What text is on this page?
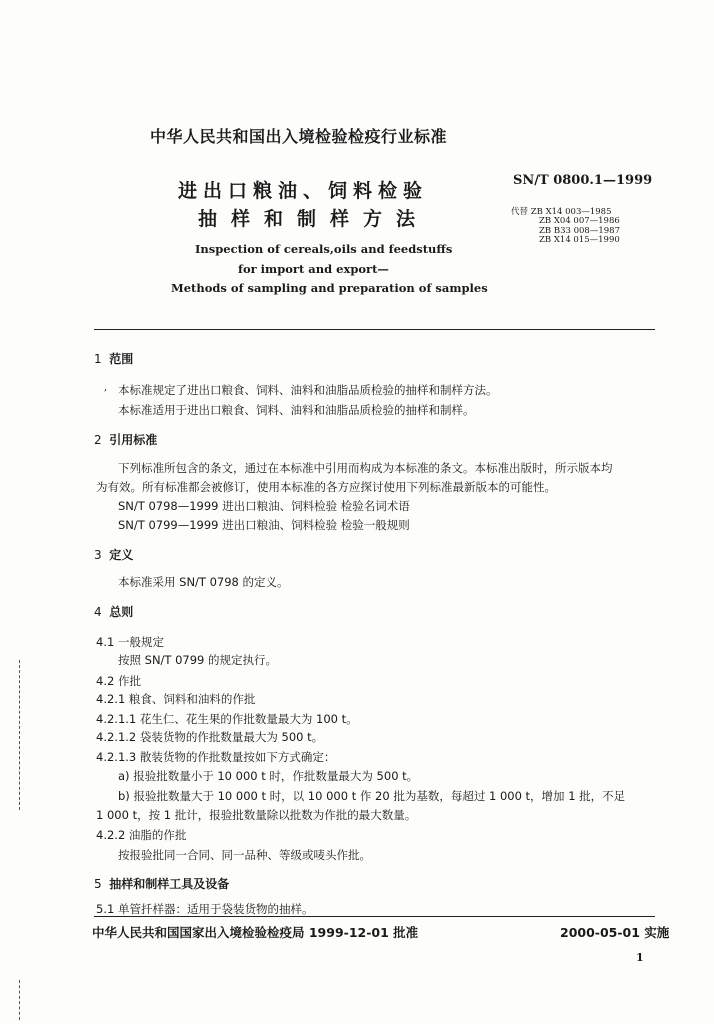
中华人民共和国出入境检验检疫行业标准
进出口粮油、饲料检验
抽样和制样方法
SN/T 0800.1—1999
代替 ZB X14 003—1985
ZB X04 007—1986
ZB B33 008—1987
ZB X14 015—1990
Inspection of cereals,oils and feedstuffs
for import and export—
Methods of sampling and preparation of samples
1 范围
本标准规定了进出口粮食、饲料、油料和油脂品质检验的抽样和制样方法。
本标准适用于进出口粮食、饲料、油料和油脂品质检验的抽样和制样。
2 引用标准
下列标准所包含的条文，通过在本标准中引用而构成为本标准的条文。本标准出版时，所示版本均
为有效。所有标准都会被修订，使用本标准的各方应探讨使用下列标准最新版本的可能性。
SN/T 0798—1999 进出口粮油、饲料检验 检验名词术语
SN/T 0799—1999 进出口粮油、饲料检验 检验一般规则
3 定义
本标准采用 SN/T 0798 的定义。
4 总则
4.1 一般规定
按照 SN/T 0799 的规定执行。
4.2 作批
4.2.1 粮食、饲料和油料的作批
4.2.1.1 花生仁、花生果的作批数量最大为 100 t。
4.2.1.2 袋装货物的作批数量最大为 500 t。
4.2.1.3 散装货物的作批数量按如下方式确定：
a) 报验批数量小于 10 000 t 时，作批数量最大为 500 t。
b) 报验批数量大于 10 000 t 时，以 10 000 t 作 20 批为基数，每超过 1 000 t，增加 1 批，不足
1 000 t，按 1 批计，报验批数量除以批数为作批的最大数量。
4.2.2 油脂的作批
按报验批同一合同、同一品种、等级或唛头作批。
5 抽样和制样工具及设备
5.1 单管扦样器：适用于袋装货物的抽样。
中华人民共和国国家出入境检验检疫局 1999-12-01 批准	2000-05-01 实施
1
,
